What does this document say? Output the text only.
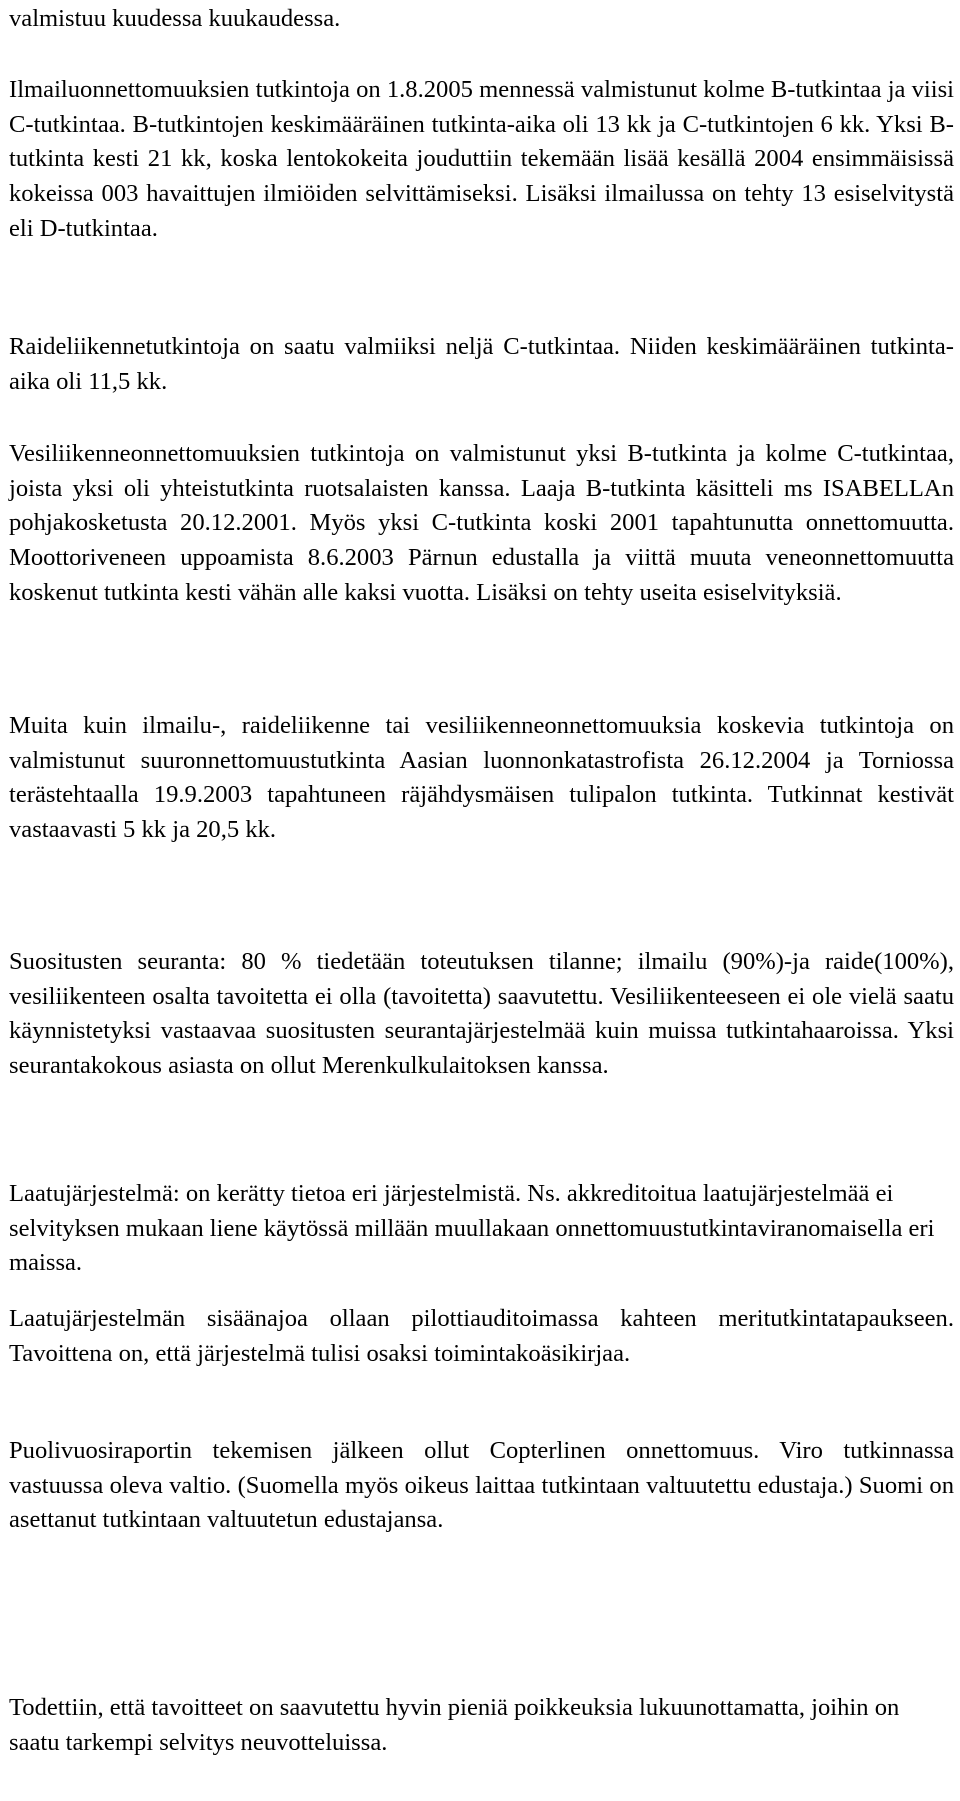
valmistuu kuudessa kuukaudessa.

Ilmailuonnettomuuksien tutkintoja on 1.8.2005 mennessä valmistunut kolme B-tutkintaa ja viisi C-tutkintaa. B-tutkintojen keskimääräinen tutkinta-aika oli 13 kk ja C-tutkintojen 6 kk. Yksi B-tutkinta kesti 21 kk, koska lentokokeita jouduttiin tekemään lisää kesällä 2004 ensimmäisissä kokeissa 003 havaittujen ilmiöiden selvittämiseksi. Lisäksi ilmailussa on tehty 13 esiselvitystä eli D-tutkintaa.

Raideliikennetutkintoja on saatu valmiiksi neljä C-tutkintaa. Niiden keskimääräinen tutkinta-aika oli 11,5 kk.

Vesiliikenneonnettomuuksien tutkintoja on valmistunut yksi B-tutkinta ja kolme C-tutkintaa, joista yksi oli yhteistutkinta ruotsalaisten kanssa. Laaja B-tutkinta käsitteli ms ISABELLAn pohjakosketusta 20.12.2001. Myös yksi C-tutkinta koski 2001 tapahtunutta onnettomuutta. Moottoriveneen uppoamista 8.6.2003 Pärnun edustalla ja viittä muuta veneonnettomuutta koskenut tutkinta kesti vähän alle kaksi vuotta. Lisäksi on tehty useita esiselvityksiä.

Muita kuin ilmailu-, raideliikenne tai vesiliikenneonnettomuuksia koskevia tutkintoja on valmistunut suuronnettomuustutkinta Aasian luonnonkatastrofista 26.12.2004 ja Torniossa terästehtaalla 19.9.2003 tapahtuneen räjähdysmäisen tulipalon tutkinta. Tutkinnat kestivät vastaavasti 5 kk ja 20,5 kk.

Suositusten seuranta: 80 % tiedetään toteutuksen tilanne; ilmailu (90%)-ja raide(100%), vesiliikenteen osalta tavoitetta ei olla (tavoitetta) saavutettu. Vesiliikenteeseen ei ole vielä saatu käynnistetyksi vastaavaa suositusten seurantajärjestelmää kuin muissa tutkintahaaroissa. Yksi seurantakokous asiasta on ollut Merenkulkulaitoksen kanssa.

Laatujärjestelmä: on kerätty tietoa eri järjestelmistä. Ns. akkreditoitua laatujärjestelmää ei selvityksen mukaan liene käytössä millään muullakaan onnettomuustutkintaviranomaisella eri maissa.

Laatujärjestelmän sisäänajoa ollaan pilottiauditoimassa kahteen meritutkintatapaukseen. Tavoittena on, että järjestelmä tulisi osaksi toimintakoäsikirjaa.

Puolivuosiraportin tekemisen jälkeen ollut Copterlinen onnettomuus. Viro tutkinnassa vastuussa oleva valtio. (Suomella myös oikeus laittaa tutkintaan valtuutettu edustaja.) Suomi on asettanut tutkintaan valtuutetun edustajansa.

Todettiin, että tavoitteet on saavutettu hyvin pieniä poikkeuksia lukuunottamatta, joihin on saatu tarkempi selvitys neuvotteluissa.
